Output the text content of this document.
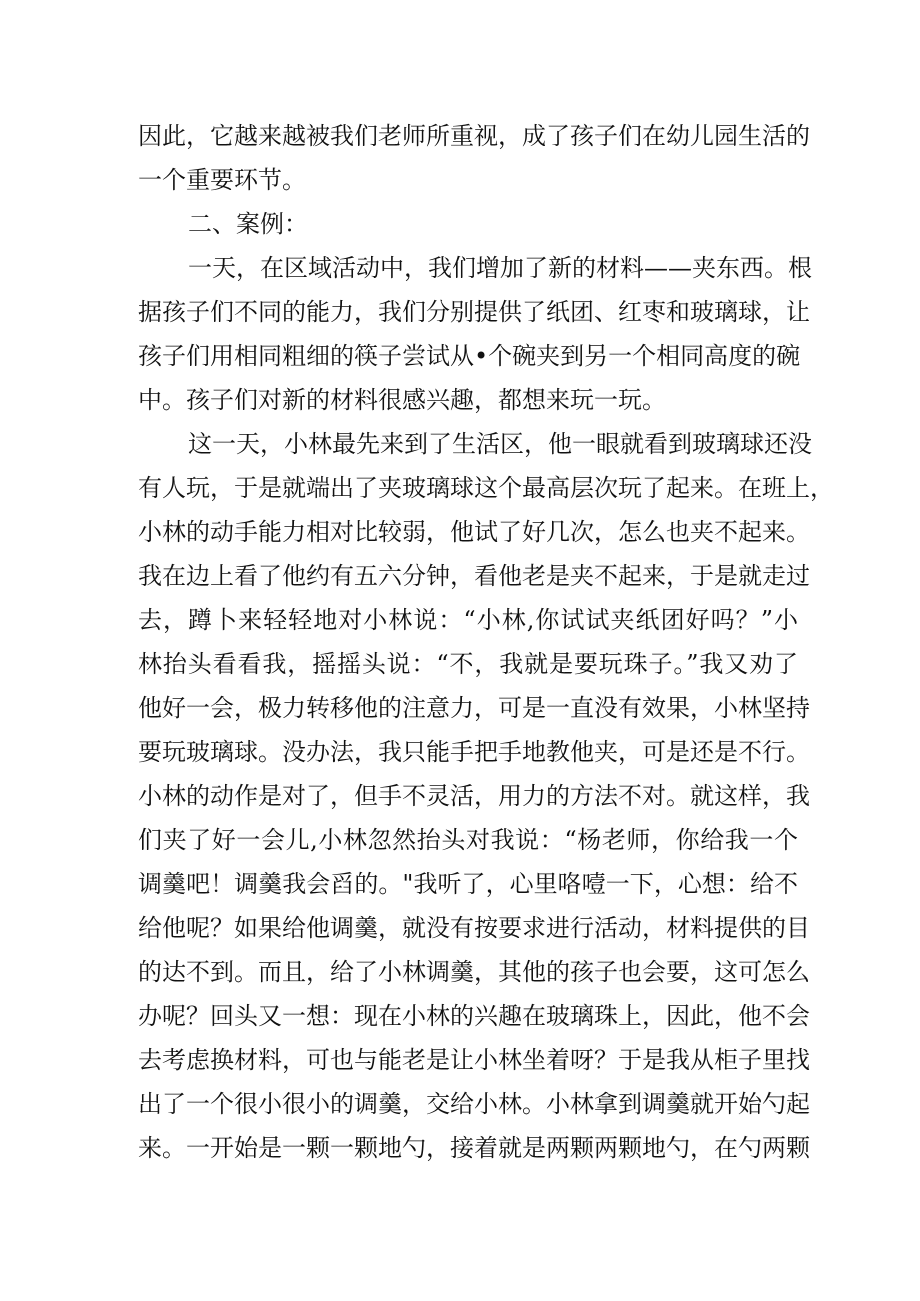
因此，它越来越被我们老师所重视，成了孩子们在幼儿园生活的
一个重要环节。
二、案例：
一天，在区域活动中，我们增加了新的材料——夹东西。根
据孩子们不同的能力，我们分别提供了纸团、红枣和玻璃球，让
孩子们用相同粗细的筷子尝试从•个碗夹到另一个相同高度的碗
中。孩子们对新的材料很感兴趣，都想来玩一玩。
这一天，小林最先来到了生活区，他一眼就看到玻璃球还没
有人玩，于是就端出了夹玻璃球这个最高层次玩了起来。在班上，
小林的动手能力相对比较弱，他试了好几次，怎么也夹不起来。
我在边上看了他约有五六分钟，看他老是夹不起来，于是就走过
去，蹲卜来轻轻地对小林说：“小林,你试试夹纸团好吗？”小
林抬头看看我，摇摇头说：“不，我就是要玩珠子。”我又劝了
他好一会，极力转移他的注意力，可是一直没有效果，小林坚持
要玩玻璃球。没办法，我只能手把手地教他夹，可是还是不行。
小林的动作是对了，但手不灵活，用力的方法不对。就这样，我
们夹了好一会儿,小林忽然抬头对我说：“杨老师，你给我一个
调羹吧！调羹我会舀的。"我听了，心里咯噎一下，心想：给不
给他呢？如果给他调羹，就没有按要求进行活动，材料提供的目
的达不到。而且，给了小林调羹，其他的孩子也会要，这可怎么
办呢？回头又一想：现在小林的兴趣在玻璃珠上，因此，他不会
去考虑换材料，可也与能老是让小林坐着呀？于是我从柜子里找
出了一个很小很小的调羹，交给小林。小林拿到调羹就开始勺起
来。一开始是一颗一颗地勺，接着就是两颗两颗地勺，在勺两颗
